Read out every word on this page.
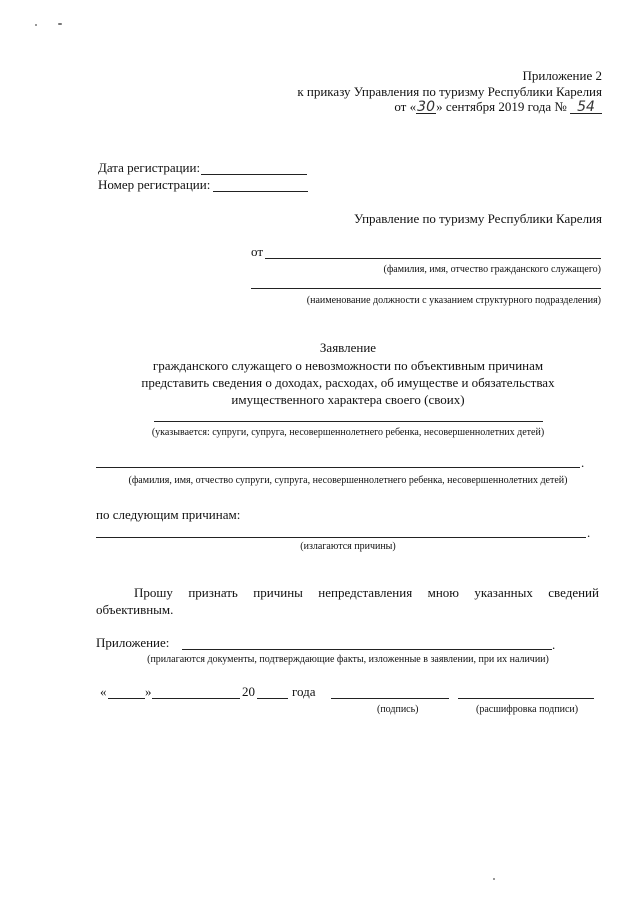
Приложение 2
к приказу Управления по туризму Республики Карелия
от «30» сентября 2019 года № 54
Дата регистрации:
Номер регистрации:
Управление по туризму Республики Карелия
от
(фамилия, имя, отчество гражданского служащего)
(наименование должности с указанием структурного подразделения)
Заявление
гражданского служащего о невозможности по объективным причинам
представить сведения о доходах, расходах, об имуществе и обязательствах
имущественного характера своего (своих)
(указывается: супруги, супруга, несовершеннолетнего ребенка, несовершеннолетних детей)
.
(фамилия, имя, отчество супруги, супруга, несовершеннолетнего ребенка, несовершеннолетних детей)
по следующим причинам:
.
(излагаются причины)
Прошу признать причины непредставления мною указанных сведений
объективным.
Приложение:	.
(прилагаются документы, подтверждающие факты, изложенные в заявлении, при их наличии)
«	»	20	года
(подпись)	(расшифровка подписи)
